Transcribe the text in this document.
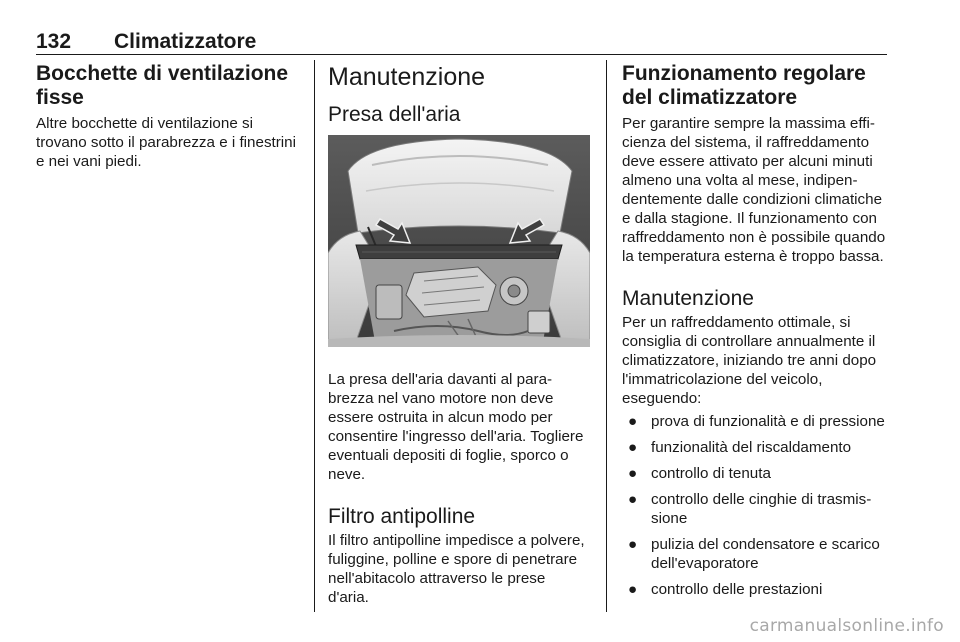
132 Climatizzatore
Bocchette di ventilazione fisse

Altre bocchette di ventilazione si trovano sotto il parabrezza e i finestrini e nei vani piedi.

Manutenzione
Presa dell'aria

La presa dell'aria davanti al parabrezza nel vano motore non deve essere ostruita in alcun modo per consentire l'ingresso dell'aria. Togliere eventuali depositi di foglie, sporco o neve.

Filtro antipolline

Il filtro antipolline impedisce a polvere, fuliggine, polline e spore di penetrare nell'abitacolo attraverso le prese d'aria.

Funzionamento regolare del climatizzatore

Per garantire sempre la massima efficienza del sistema, il raffreddamento deve essere attivato per alcuni minuti almeno una volta al mese, indipendentemente dalle condizioni climatiche e dalla stagione. Il funzionamento con raffreddamento non è possibile quando la temperatura esterna è troppo bassa.

Manutenzione

Per un raffreddamento ottimale, si consiglia di controllare annualmente il climatizzatore, iniziando tre anni dopo l'immatricolazione del veicolo, eseguendo:

● prova di funzionalità e di pressione
● funzionalità del riscaldamento
● controllo di tenuta
● controllo delle cinghie di trasmissione
● pulizia del condensatore e scarico dell'evaporatore
● controllo delle prestazioni
carmanualsonline.info
